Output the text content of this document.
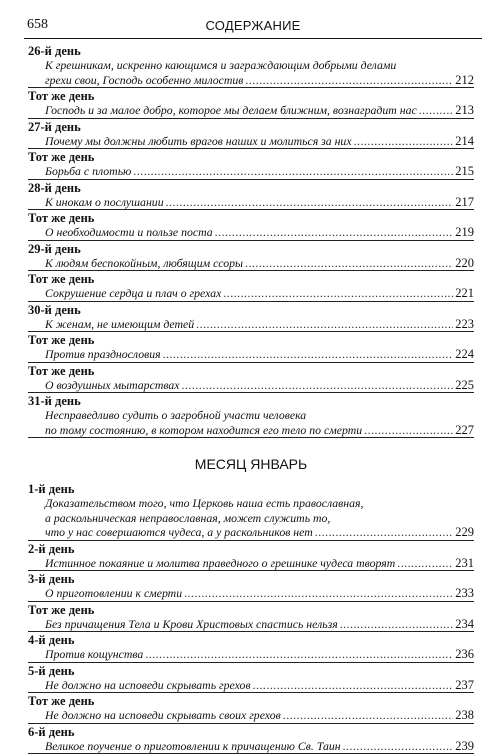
658	СОДЕРЖАНИЕ
26-й день
К грешникам, искренно кающимся и заграждающим добрыми делами
грехи свои, Господь особенно милостив .....	212
Тот же день
Господь и за малое добро, которое мы делаем ближним, вознаградит нас .....	213
27-й день
Почему мы должны любить врагов наших и молиться за них .....	214
Тот же день
Борьба с плотью .....	215
28-й день
К инокам о послушании .....	217
Тот же день
О необходимости и пользе поста .....	219
29-й день
К людям беспокойным, любящим ссоры .....	220
Тот же день
Сокрушение сердца и плач о грехах .....	221
30-й день
К женам, не имеющим детей .....	223
Тот же день
Против празднословия .....	224
Тот же день
О воздушных мытарствах .....	225
31-й день
Несправедливо судить о загробной участи человека
по тому состоянию, в котором находится его тело по смерти .....	227
МЕСЯЦ ЯНВАРЬ
1-й день
Доказательством того, что Церковь наша есть православная,
а раскольническая неправославная, может служить то,
что у нас совершаются чудеса, а у раскольников нет .....	229
2-й день
Истинное покаяние и молитва праведного о грешнике чудеса творят .....	231
3-й день
О приготовлении к смерти .....	233
Тот же день
Без причащения Тела и Крови Христовых спастись нельзя .....	234
4-й день
Против кощунства .....	236
5-й день
Не должно на исповеди скрывать грехов .....	237
Тот же день
Не должно на исповеди скрывать своих грехов .....	238
6-й день
Великое поучение о приготовлении к причащению Св. Таин .....	239
